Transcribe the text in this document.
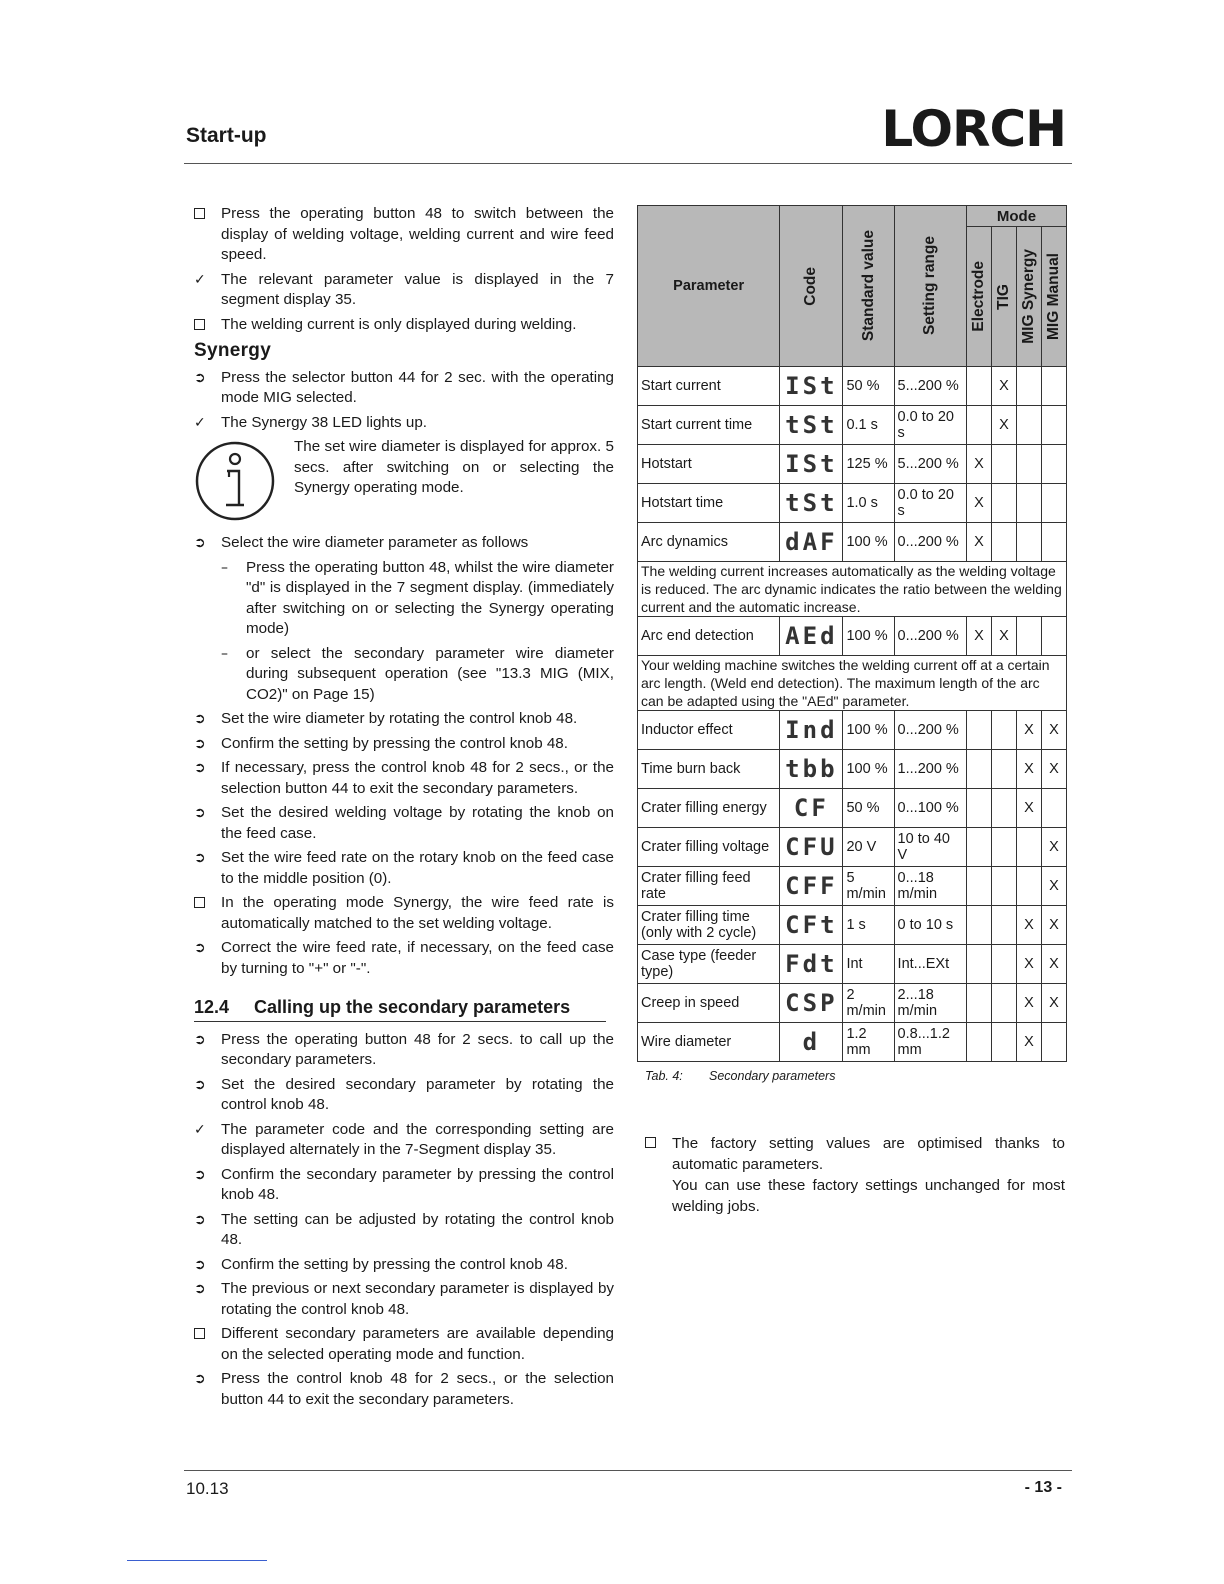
Start-up	LORCH
Press the operating button 48 to switch between the display of welding voltage, welding current and wire feed speed.
✓	The relevant parameter value is displayed in the 7 segment display 35.
The welding current is only displayed during welding.
Synergy
➲	Press the selector button 44 for 2 sec. with the operating mode MIG selected.
✓	The Synergy 38 LED lights up.
The set wire diameter is displayed for approx. 5 secs. after switching on or selecting the Synergy operating mode.
➲	Select the wire diameter parameter as follows
–	Press the operating button 48, whilst the wire diameter "d" is displayed in the 7 segment display. (immediately after switching on or selecting the Synergy operating mode)
–	or select the secondary parameter wire diameter during subsequent operation (see "13.3 MIG (MIX, CO2)" on Page 15)
➲	Set the wire diameter by rotating the control knob 48.
➲	Confirm the setting by pressing the control knob 48.
➲	If necessary, press the control knob 48 for 2 secs., or the selection button 44 to exit the secondary parameters.
➲	Set the desired welding voltage by rotating the knob on the feed case.
➲	Set the wire feed rate on the rotary knob on the feed case to the middle position (0).
In the operating mode Synergy, the wire feed rate is automatically matched to the set welding voltage.
➲	Correct the wire feed rate, if necessary, on the feed case by turning to "+" or "-".
12.4 Calling up the secondary parameters
➲	Press the operating button 48 for 2 secs. to call up the secondary parameters.
➲	Set the desired secondary parameter by rotating the control knob 48.
✓	The parameter code and the corresponding setting are displayed alternately in the 7-Segment display 35.
➲	Confirm the secondary parameter by pressing the control knob 48.
➲	The setting can be adjusted by rotating the control knob 48.
➲	Confirm the setting by pressing the control knob 48.
➲	The previous or next secondary parameter is displayed by rotating the control knob 48.
Different secondary parameters are available depending on the selected operating mode and function.
➲	Press the control knob 48 for 2 secs., or the selection button 44 to exit the secondary parameters.
Parameter	Code	Standard value	Setting range	Mode			

				Electrode	TIG	MIG Synergy	MIG Manual

Start current	ISt	50 %	5...200 %		X		
Start current time	tSt	0.1 s	0.0 to 20 s		X		
Hotstart	ISt	125 %	5...200 %	X			
Hotstart time	tSt	1.0 s	0.0 to 20 s	X			
Arc dynamics	dAF	100 %	0...200 %	X			
The welding current increases automatically as the welding voltage is reduced. The arc dynamic indicates the ratio between the welding current and the automatic increase.							
Arc end detection	AEd	100 %	0...200 %	X	X		
Your welding machine switches the welding current off at a certain arc length. (Weld end detection). The maximum length of the arc can be adapted using the "AEd" parameter.							
Inductor effect	Ind	100 %	0...200 %			X	X
Time burn back	tbb	100 %	1...200 %			X	X
Crater filling energy	CF	50 %	0...100 %			X	
Crater filling voltage	CFU	20 V	10 to 40 V				X
Crater filling feed rate	CFF	5 m/min	0...18 m/min				X
Crater filling time (only with 2 cycle)	CFt	1 s	0 to 10 s			X	X
Case type (feeder type)	Fdt	Int	Int...EXt			X	X
Creep in speed	CSP	2 m/min	2...18 m/min			X	X
Wire diameter	d	1.2 mm	0.8...1.2 mm			X	
Tab. 4: Secondary parameters
The factory setting values are optimised thanks to automatic parameters.
You can use these factory settings unchanged for most welding jobs.
10.13	- 13 -
